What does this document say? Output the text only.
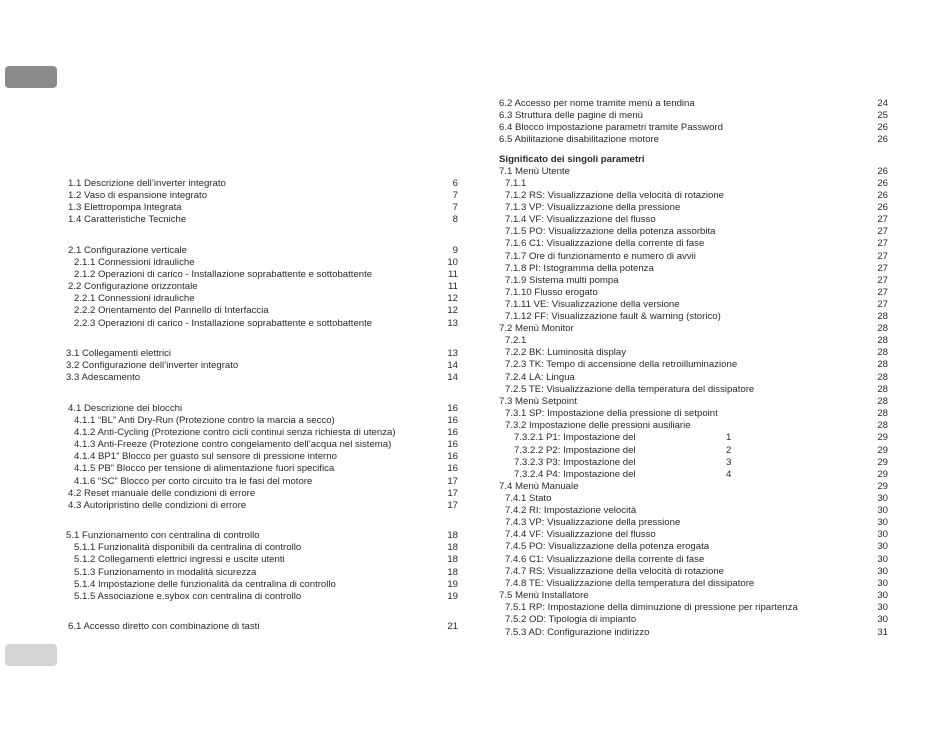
1.1 Descrizione dell’inverter integrato	6
1.2 Vaso di espansione integrato	7
1.3 Elettropompa Integrata	7
1.4 Caratteristiche Tecniche	8
2.1 Configurazione verticale	9
2.1.1 Connessioni idrauliche	10
2.1.2 Operazioni di carico - Installazione soprabattente e sottobattente	11
2.2 Configurazione orizzontale	11
2.2.1 Connessioni idrauliche	12
2.2.2 Orientamento del Pannello di Interfaccia	12
2.2.3 Operazioni di carico - Installazione soprabattente e sottobattente	13
3.1 Collegamenti elettrici	13
3.2 Configurazione dell’inverter integrato	14
3.3 Adescamento	14
4.1 Descrizione dei blocchi	16
4.1.1 “BL” Anti Dry-Run (Protezione contro la marcia a secco)	16
4.1.2 Anti-Cycling (Protezione contro cicli continui senza richiesta di utenza)	16
4.1.3 Anti-Freeze (Protezione contro congelamento dell’acqua nel sistema)	16
4.1.4 BP1” Blocco per guasto sul sensore di pressione interno	16
4.1.5 PB” Blocco per tensione di alimentazione fuori specifica	16
4.1.6 “SC” Blocco per corto circuito tra le fasi del motore	17
4.2 Reset manuale delle condizioni di errore	17
4.3 Autoripristino delle condizioni di errore	17
5.1 Funzionamento con centralina di controllo	18
5.1.1 Funzionalità disponibili da centralina di controllo	18
5.1.2 Collegamenti elettrici ingressi e uscite utenti	18
5.1.3 Funzionamento in modalità sicurezza	18
5.1.4 Impostazione delle funzionalità da centralina di controllo	19
5.1.5 Associazione e.sybox con centralina di controllo	19
6.1 Accesso diretto con combinazione di tasti	21
6.2 Accesso per nome tramite menù a tendina	24
6.3 Struttura delle pagine di menù	25
6.4 Blocco impostazione parametri tramite Password	26
6.5 Abilitazione disabilitazione motore	26
Significato dei singoli parametri
7.1 Menù Utente	26
7.1.1	26
7.1.2 RS: Visualizzazione della velocità di rotazione	26
7.1.3 VP: Visualizzazione della pressione	26
7.1.4 VF: Visualizzazione del flusso	27
7.1.5 PO: Visualizzazione della potenza assorbita	27
7.1.6 C1: Visualizzazione della corrente di fase	27
7.1.7 Ore di funzionamento e numero di avvii	27
7.1.8 PI: Istogramma della potenza	27
7.1.9 Sistema multi pompa	27
7.1.10 Flusso erogato	27
7.1.11 VE: Visualizzazione della versione	27
7.1.12 FF: Visualizzazione fault & warning (storico)	28
7.2 Menù Monitor	28
7.2.1	28
7.2.2 BK: Luminosità display	28
7.2.3 TK: Tempo di accensione della retroilluminazione	28
7.2.4 LA: Lingua	28
7.2.5 TE: Visualizzazione della temperatura del dissipatore	28
7.3 Menù Setpoint	28
7.3.1 SP: Impostazione della pressione di setpoint	28
7.3.2 Impostazione delle pressioni ausiliarie	28
7.3.2.1 P1: Impostazione del	1	29
7.3.2.2 P2: Impostazione del	2	29
7.3.2.3 P3: Impostazione del	3	29
7.3.2.4 P4: Impostazione del	4	29
7.4 Menù Manuale	29
7.4.1 Stato	30
7.4.2 RI: Impostazione velocità	30
7.4.3 VP: Visualizzazione della pressione	30
7.4.4 VF: Visualizzazione del flusso	30
7.4.5 PO: Visualizzazione della potenza erogata	30
7.4.6 C1: Visualizzazione della corrente di fase	30
7.4.7 RS: Visualizzazione della velocità di rotazione	30
7.4.8 TE: Visualizzazione della temperatura del dissipatore	30
7.5 Menù Installatore	30
7.5.1 RP: Impostazione della diminuzione di pressione per ripartenza	30
7.5.2 OD: Tipologia di impianto	30
7.5.3 AD: Configurazione indirizzo	31
